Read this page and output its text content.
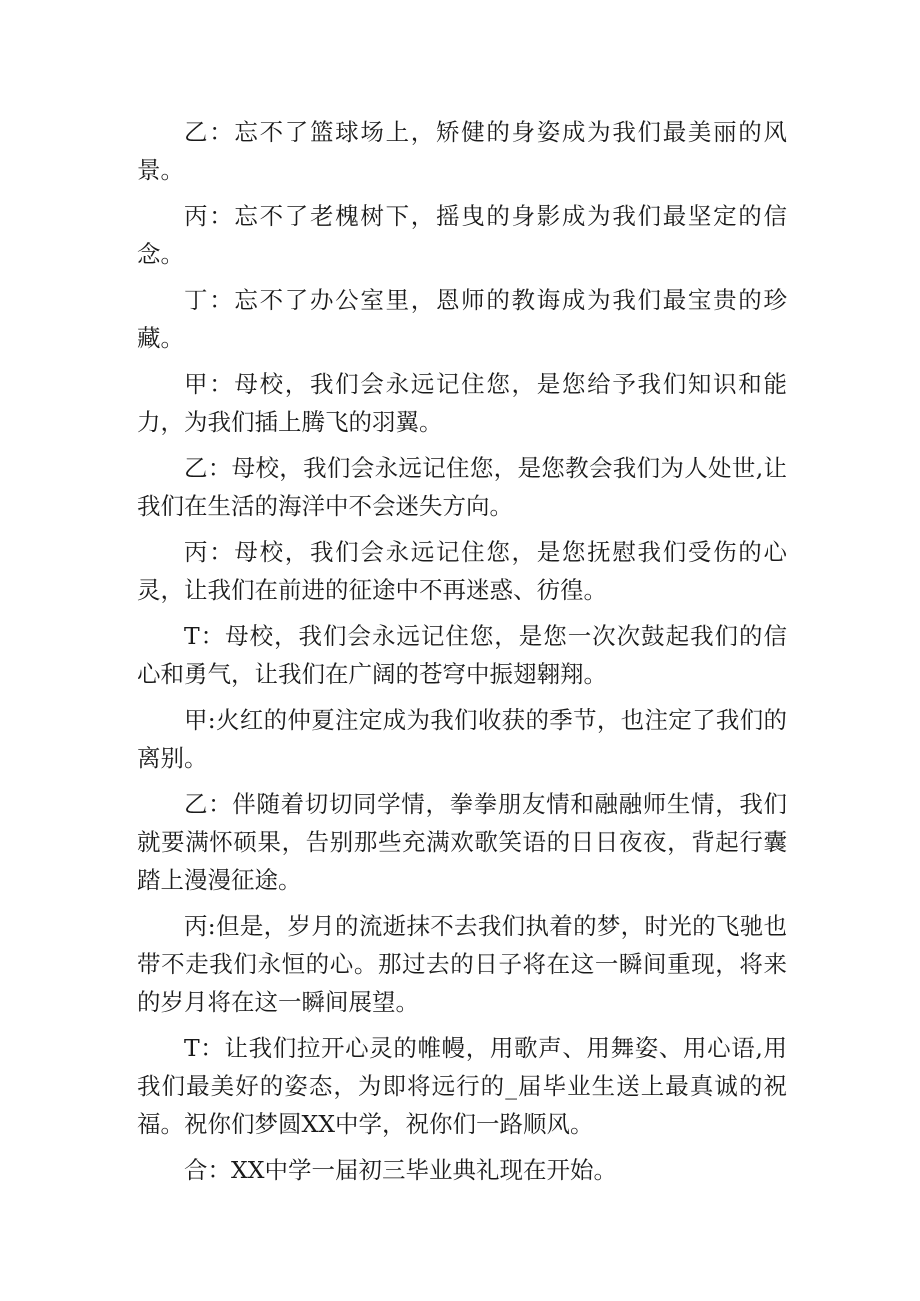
乙：忘不了篮球场上，矫健的身姿成为我们最美丽的风景。

丙：忘不了老槐树下，摇曳的身影成为我们最坚定的信念。

丁：忘不了办公室里，恩师的教诲成为我们最宝贵的珍藏。

甲：母校，我们会永远记住您，是您给予我们知识和能力，为我们插上腾飞的羽翼。

乙：母校，我们会永远记住您，是您教会我们为人处世,让我们在生活的海洋中不会迷失方向。

丙：母校，我们会永远记住您，是您抚慰我们受伤的心灵，让我们在前进的征途中不再迷惑、彷徨。

T：母校，我们会永远记住您，是您一次次鼓起我们的信心和勇气，让我们在广阔的苍穹中振翅翱翔。

甲:火红的仲夏注定成为我们收获的季节，也注定了我们的离别。

乙：伴随着切切同学情，拳拳朋友情和融融师生情，我们就要满怀硕果，告别那些充满欢歌笑语的日日夜夜，背起行囊踏上漫漫征途。

丙:但是，岁月的流逝抹不去我们执着的梦，时光的飞驰也带不走我们永恒的心。那过去的日子将在这一瞬间重现，将来的岁月将在这一瞬间展望。

T：让我们拉开心灵的帷幔，用歌声、用舞姿、用心语,用我们最美好的姿态，为即将远行的_届毕业生送上最真诚的祝福。祝你们梦圆XX中学，祝你们一路顺风。

合：XX中学一届初三毕业典礼现在开始。
